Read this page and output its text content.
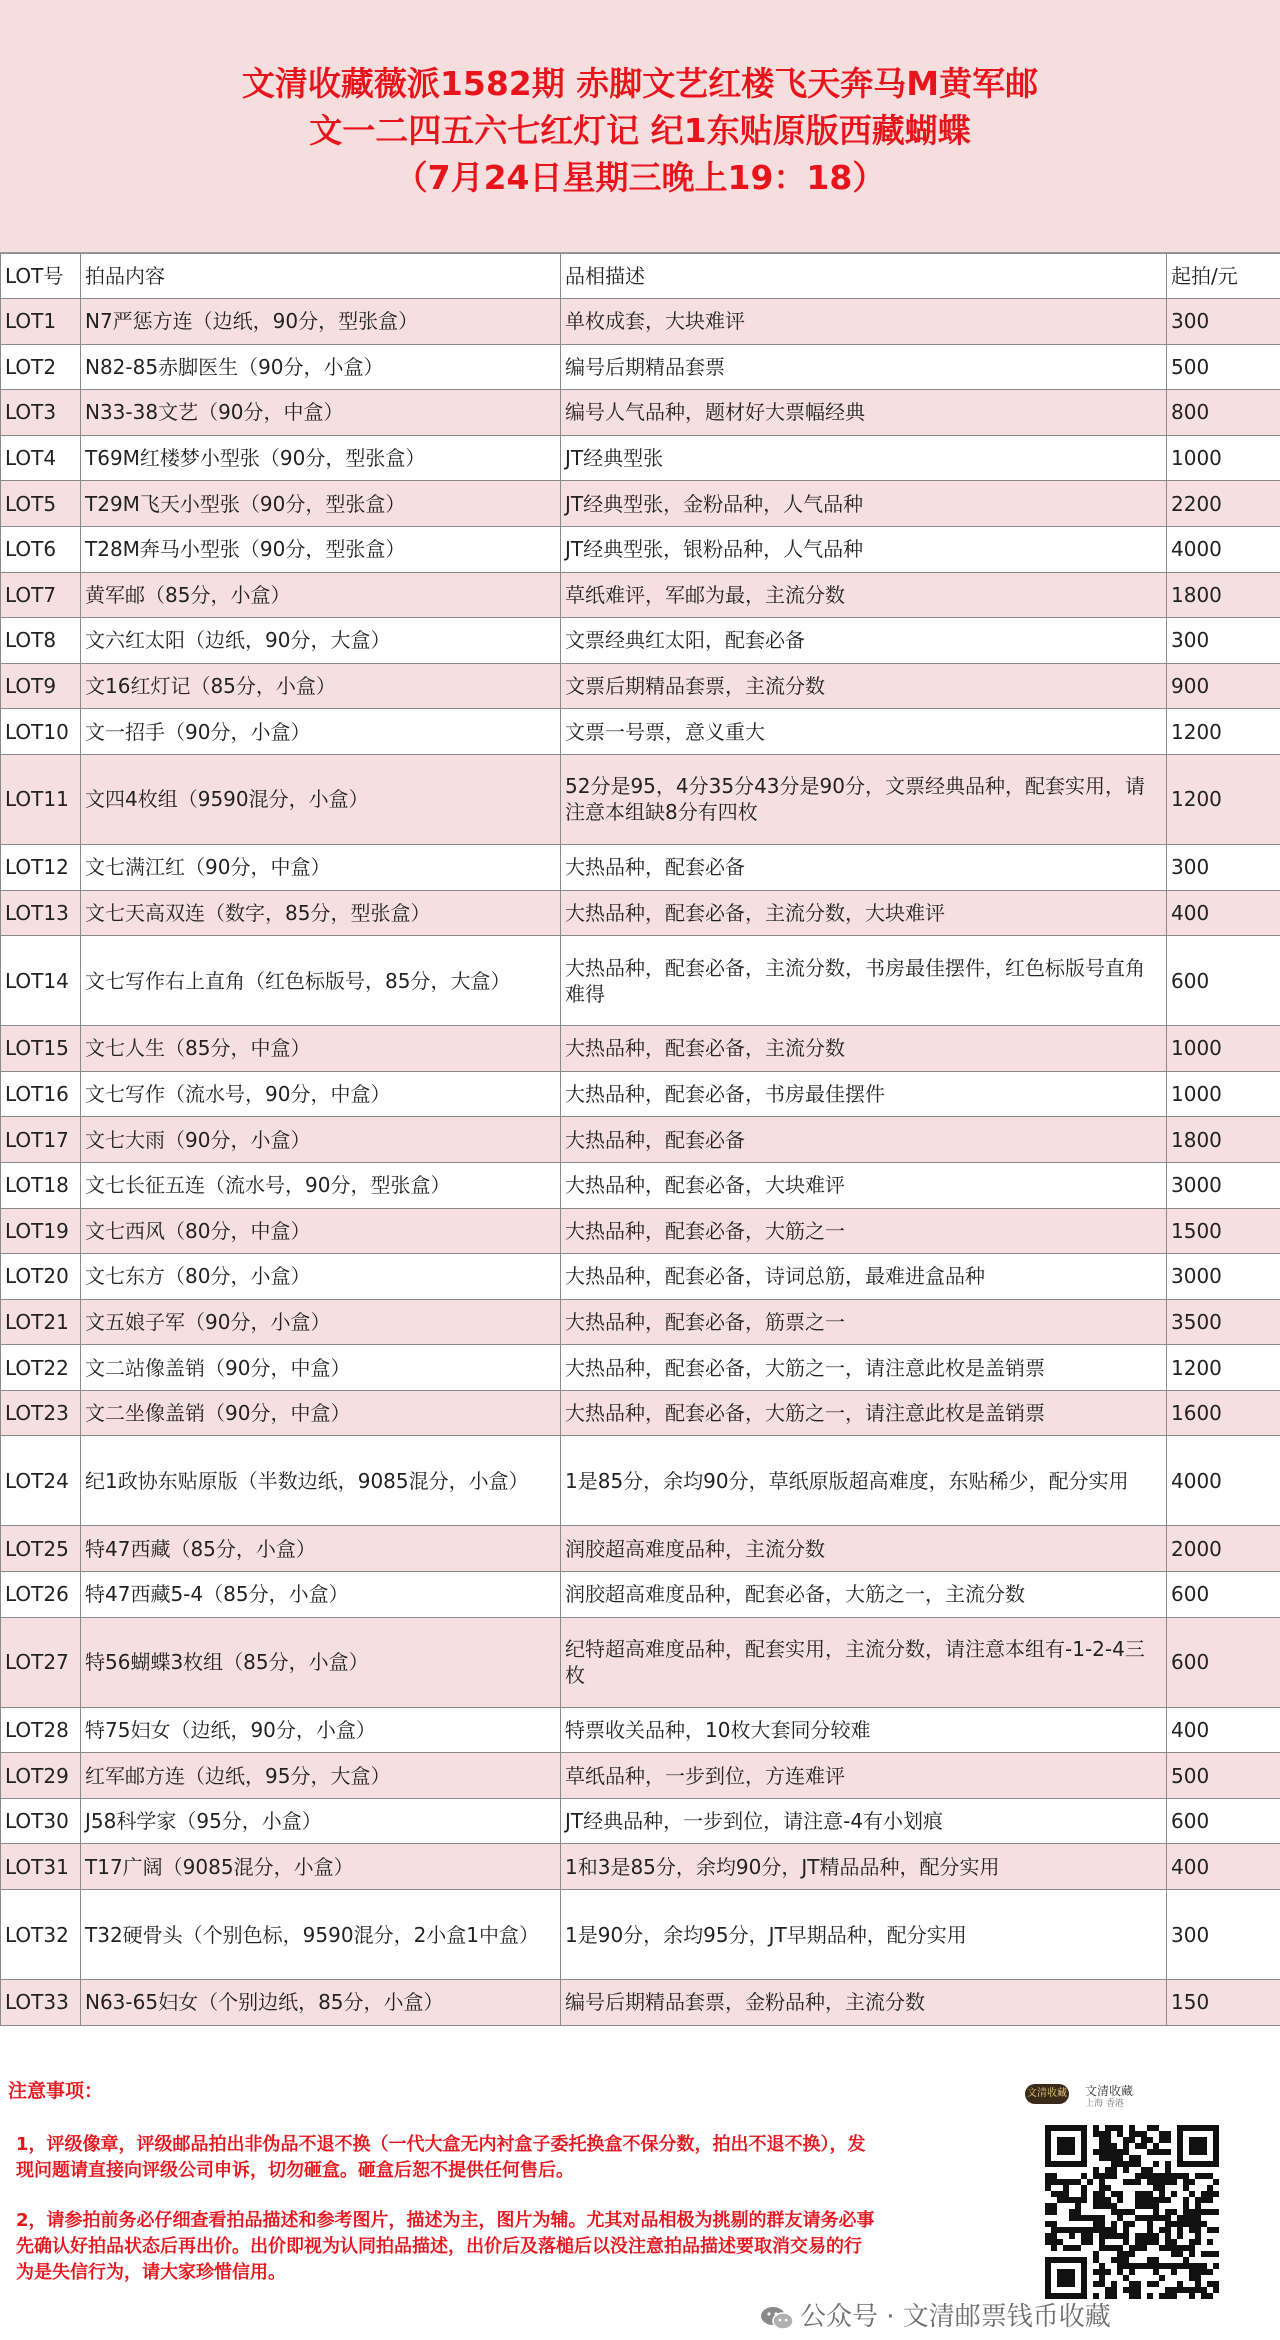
文清收藏薇派1582期 赤脚文艺红楼飞天奔马M黄军邮
文一二四五六七红灯记 纪1东贴原版西藏蝴蝶
（7月24日星期三晚上19：18）
LOT号	拍品内容	品相描述	起拍/元
LOT1	N7严惩方连（边纸，90分，型张盒）	单枚成套，大块难评	300
LOT2	N82-85赤脚医生（90分，小盒）	编号后期精品套票	500
LOT3	N33-38文艺（90分，中盒）	编号人气品种，题材好大票幅经典	800
LOT4	T69M红楼梦小型张（90分，型张盒）	JT经典型张	1000
LOT5	T29M飞天小型张（90分，型张盒）	JT经典型张，金粉品种，人气品种	2200
LOT6	T28M奔马小型张（90分，型张盒）	JT经典型张，银粉品种，人气品种	4000
LOT7	黄军邮（85分，小盒）	草纸难评，军邮为最，主流分数	1800
LOT8	文六红太阳（边纸，90分，大盒）	文票经典红太阳，配套必备	300
LOT9	文16红灯记（85分，小盒）	文票后期精品套票，主流分数	900
LOT10	文一招手（90分，小盒）	文票一号票，意义重大	1200
LOT11	文四4枚组（9590混分，小盒）	52分是95，4分35分43分是90分，文票经典品种，配套实用，请注意本组缺8分有四枚	1200
LOT12	文七满江红（90分，中盒）	大热品种，配套必备	300
LOT13	文七天高双连（数字，85分，型张盒）	大热品种，配套必备，主流分数，大块难评	400
LOT14	文七写作右上直角（红色标版号，85分，大盒）	大热品种，配套必备，主流分数，书房最佳摆件，红色标版号直角难得	600
LOT15	文七人生（85分，中盒）	大热品种，配套必备，主流分数	1000
LOT16	文七写作（流水号，90分，中盒）	大热品种，配套必备，书房最佳摆件	1000
LOT17	文七大雨（90分，小盒）	大热品种，配套必备	1800
LOT18	文七长征五连（流水号，90分，型张盒）	大热品种，配套必备，大块难评	3000
LOT19	文七西风（80分，中盒）	大热品种，配套必备，大筋之一	1500
LOT20	文七东方（80分，小盒）	大热品种，配套必备，诗词总筋，最难进盒品种	3000
LOT21	文五娘子军（90分，小盒）	大热品种，配套必备，筋票之一	3500
LOT22	文二站像盖销（90分，中盒）	大热品种，配套必备，大筋之一，请注意此枚是盖销票	1200
LOT23	文二坐像盖销（90分，中盒）	大热品种，配套必备，大筋之一，请注意此枚是盖销票	1600
LOT24	纪1政协东贴原版（半数边纸，9085混分，小盒）	1是85分，余均90分，草纸原版超高难度，东贴稀少，配分实用	4000
LOT25	特47西藏（85分，小盒）	润胶超高难度品种，主流分数	2000
LOT26	特47西藏5-4（85分，小盒）	润胶超高难度品种，配套必备，大筋之一，主流分数	600
LOT27	特56蝴蝶3枚组（85分，小盒）	纪特超高难度品种，配套实用，主流分数，请注意本组有-1-2-4三枚	600
LOT28	特75妇女（边纸，90分，小盒）	特票收关品种，10枚大套同分较难	400
LOT29	红军邮方连（边纸，95分，大盒）	草纸品种，一步到位，方连难评	500
LOT30	J58科学家（95分，小盒）	JT经典品种，一步到位，请注意-4有小划痕	600
LOT31	T17广阔（9085混分，小盒）	1和3是85分，余均90分，JT精品品种，配分实用	400
LOT32	T32硬骨头（个别色标，9590混分，2小盒1中盒）	1是90分，余均95分，JT早期品种，配分实用	300
LOT33	N63-65妇女（个别边纸，85分，小盒）	编号后期精品套票，金粉品种，主流分数	150
注意事项：

1，评级像章，评级邮品拍出非伪品不退不换（一代大盒无内衬盒子委托换盒不保分数，拍出不退不换），发现问题请直接向评级公司申诉，切勿砸盒。砸盒后恕不提供任何售后。

2，请参拍前务必仔细查看拍品描述和参考图片，描述为主，图片为辅。尤其对品相极为挑剔的群友请务必事先确认好拍品状态后再出价。出价即视为认同拍品描述，出价后及落槌后以没注意拍品描述要取消交易的行为是失信行为，请大家珍惜信用。

文清收藏 文清收藏
上海 香港
公众号 · 文清邮票钱币收藏
